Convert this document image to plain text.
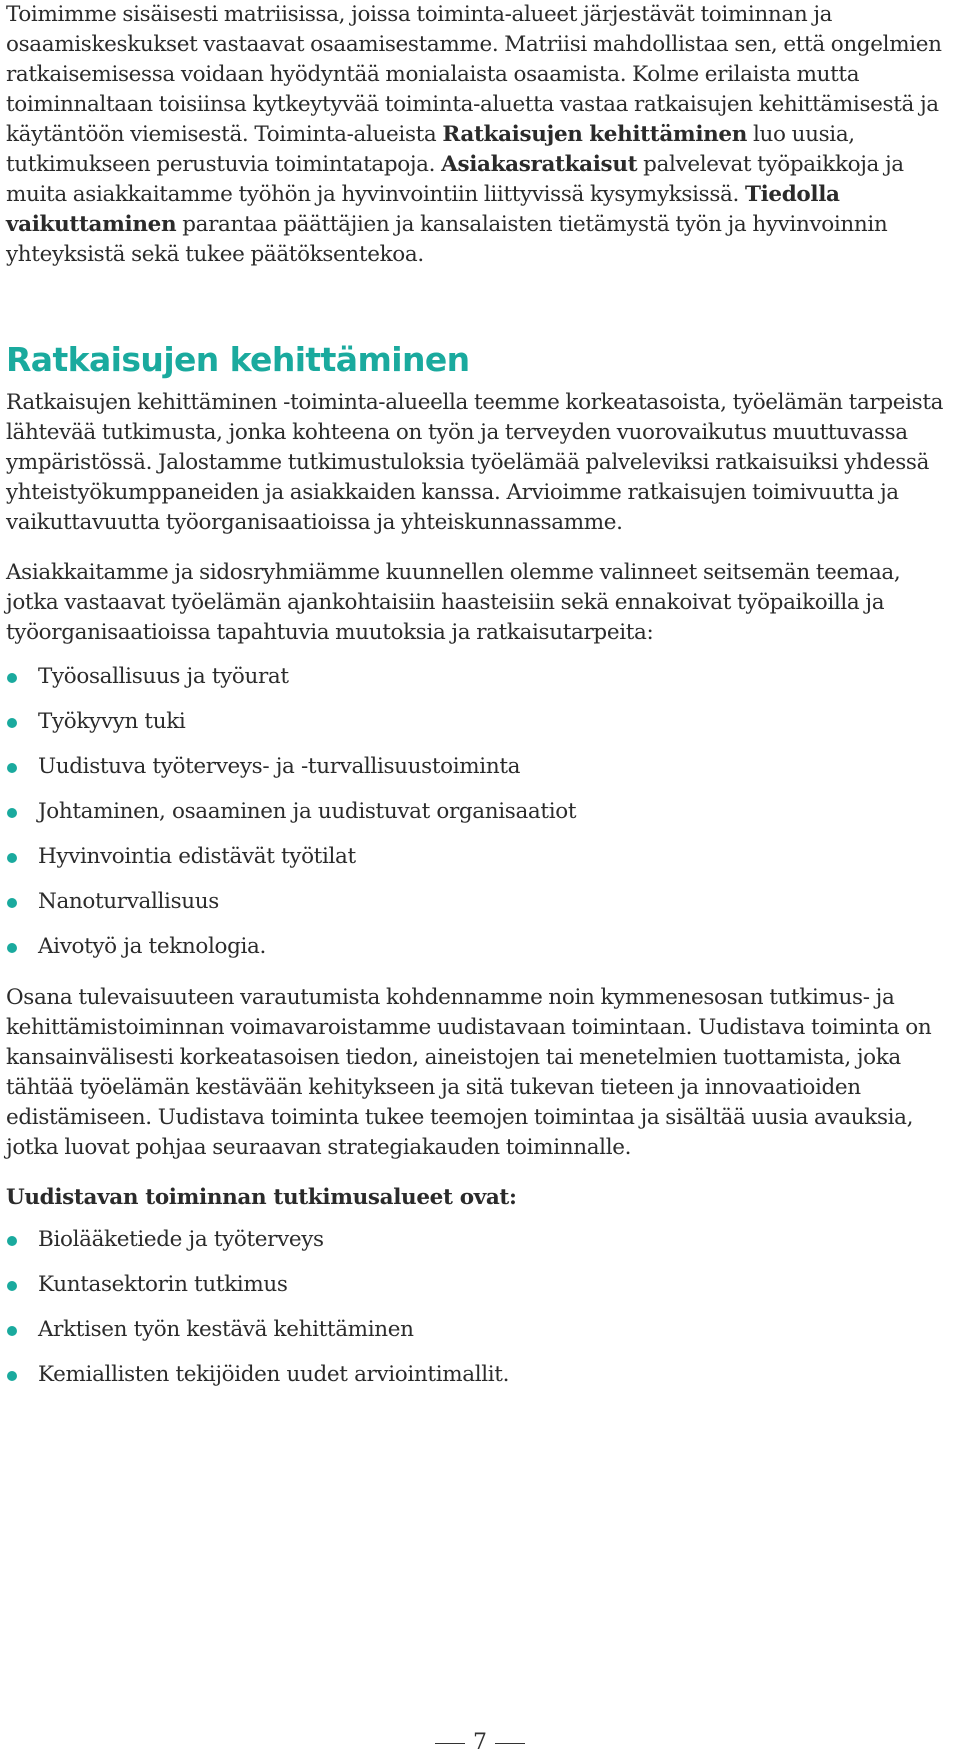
Toimimme sisäisesti matriisissa, joissa toiminta-alueet järjestävät toiminnan ja osaamiskeskukset vastaavat osaamisestamme. Matriisi mahdollistaa sen, että ongelmien ratkaisemisessa voidaan hyödyntää monialaista osaamista. Kolme erilaista mutta toiminnaltaan toisiinsa kytkeytyvää toiminta-aluetta vastaa ratkaisujen kehittämisestä ja käytäntöön viemisestä. Toiminta-alueista Ratkaisujen kehittäminen luo uusia, tutkimukseen perustuvia toimintatapoja. Asiakasratkaisut palvelevat työpaikkoja ja muita asiakkaitamme työhön ja hyvinvointiin liittyvissä kysymyksissä. Tiedolla vaikuttaminen parantaa päättäjien ja kansalaisten tietämystä työn ja hyvinvoinnin yhteyksistä sekä tukee päätöksentekoa.

Ratkaisujen kehittäminen

Ratkaisujen kehittäminen -toiminta-alueella teemme korkeatasoista, työelämän tarpeista lähtevää tutkimusta, jonka kohteena on työn ja terveyden vuorovaikutus muuttuvassa ympäristössä. Jalostamme tutkimustuloksia työelämää palveleviksi ratkaisuiksi yhdessä yhteistyökumppaneiden ja asiakkaiden kanssa. Arvioimme ratkaisujen toimivuutta ja vaikuttavuutta työorganisaatioissa ja yhteiskunnassamme.

Asiakkaitamme ja sidosryhmiämme kuunnellen olemme valinneet seitsemän teemaa, jotka vastaavat työelämän ajankohtaisiin haasteisiin sekä ennakoivat työpaikoilla ja työorganisaatioissa tapahtuvia muutoksia ja ratkaisutarpeita:

Työosallisuus ja työurat
Työkyvyn tuki
Uudistuva työterveys- ja -turvallisuustoiminta
Johtaminen, osaaminen ja uudistuvat organisaatiot
Hyvinvointia edistävät työtilat
Nanoturvallisuus
Aivotyö ja teknologia.

Osana tulevaisuuteen varautumista kohdennamme noin kymmenesosan tutkimus- ja kehittämistoiminnan voimavaroistamme uudistavaan toimintaan. Uudistava toiminta on kansainvälisesti korkeatasoisen tiedon, aineistojen tai menetelmien tuottamista, joka tähtää työelämän kestävään kehitykseen ja sitä tukevan tieteen ja innovaatioiden edistämiseen. Uudistava toiminta tukee teemojen toimintaa ja sisältää uusia avauksia, jotka luovat pohjaa seuraavan strategiakauden toiminnalle.

Uudistavan toiminnan tutkimusalueet ovat:
Biolääketiede ja työterveys
Kuntasektorin tutkimus
Arktisen työn kestävä kehittäminen
Kemiallisten tekijöiden uudet arviointimallit.
7
